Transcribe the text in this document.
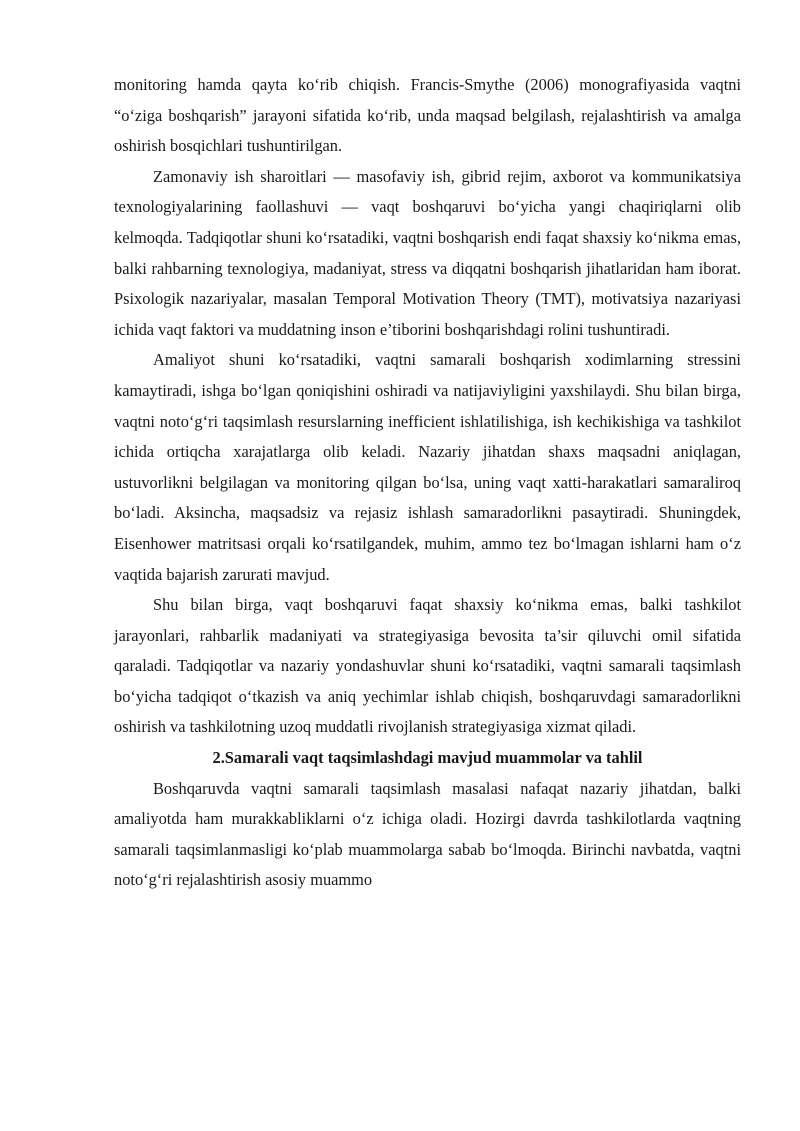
monitoring hamda qayta ko‘rib chiqish. Francis-Smythe (2006) monografiyasida vaqtni “o‘ziga boshqarish” jarayoni sifatida ko‘rib, unda maqsad belgilash, rejalashtirish va amalga oshirish bosqichlari tushuntirilgan.

Zamonaviy ish sharoitlari — masofaviy ish, gibrid rejim, axborot va kommunikatsiya texnologiyalarining faollashuvi — vaqt boshqaruvi bo‘yicha yangi chaqiriqlarni olib kelmoqda. Tadqiqotlar shuni ko‘rsatadiki, vaqtni boshqarish endi faqat shaxsiy ko‘nikma emas, balki rahbarning texnologiya, madaniyat, stress va diqqatni boshqarish jihatlaridan ham iborat. Psixologik nazariyalar, masalan Temporal Motivation Theory (TMT), motivatsiya nazariyasi ichida vaqt faktori va muddatning inson e’tiborini boshqarishdagi rolini tushuntiradi.

Amaliyot shuni ko‘rsatadiki, vaqtni samarali boshqarish xodimlarning stressini kamaytiradi, ishga bo‘lgan qoniqishini oshiradi va natijaviyligini yaxshilaydi. Shu bilan birga, vaqtni noto‘g‘ri taqsimlash resurslarning inefficient ishlatilishiga, ish kechikishiga va tashkilot ichida ortiqcha xarajatlarga olib keladi. Nazariy jihatdan shaxs maqsadni aniqlagan, ustuvorlikni belgilagan va monitoring qilgan bo‘lsa, uning vaqt xatti-harakatlari samaraliroq bo‘ladi. Aksincha, maqsadsiz va rejasiz ishlash samaradorlikni pasaytiradi. Shuningdek, Eisenhower matritsasi orqali ko‘rsatilgandek, muhim, ammo tez bo‘lmagan ishlarni ham o‘z vaqtida bajarish zarurati mavjud.

Shu bilan birga, vaqt boshqaruvi faqat shaxsiy ko‘nikma emas, balki tashkilot jarayonlari, rahbarlik madaniyati va strategiyasiga bevosita ta’sir qiluvchi omil sifatida qaraladi. Tadqiqotlar va nazariy yondashuvlar shuni ko‘rsatadiki, vaqtni samarali taqsimlash bo‘yicha tadqiqot o‘tkazish va aniq yechimlar ishlab chiqish, boshqaruvdagi samaradorlikni oshirish va tashkilotning uzoq muddatli rivojlanish strategiyasiga xizmat qiladi.

2.Samarali vaqt taqsimlashdagi mavjud muammolar va tahlil

Boshqaruvda vaqtni samarali taqsimlash masalasi nafaqat nazariy jihatdan, balki amaliyotda ham murakkabliklarni o‘z ichiga oladi. Hozirgi davrda tashkilotlarda vaqtning samarali taqsimlanmasligi ko‘plab muammolarga sabab bo‘lmoqda. Birinchi navbatda, vaqtni noto‘g‘ri rejalashtirish asosiy muammo
